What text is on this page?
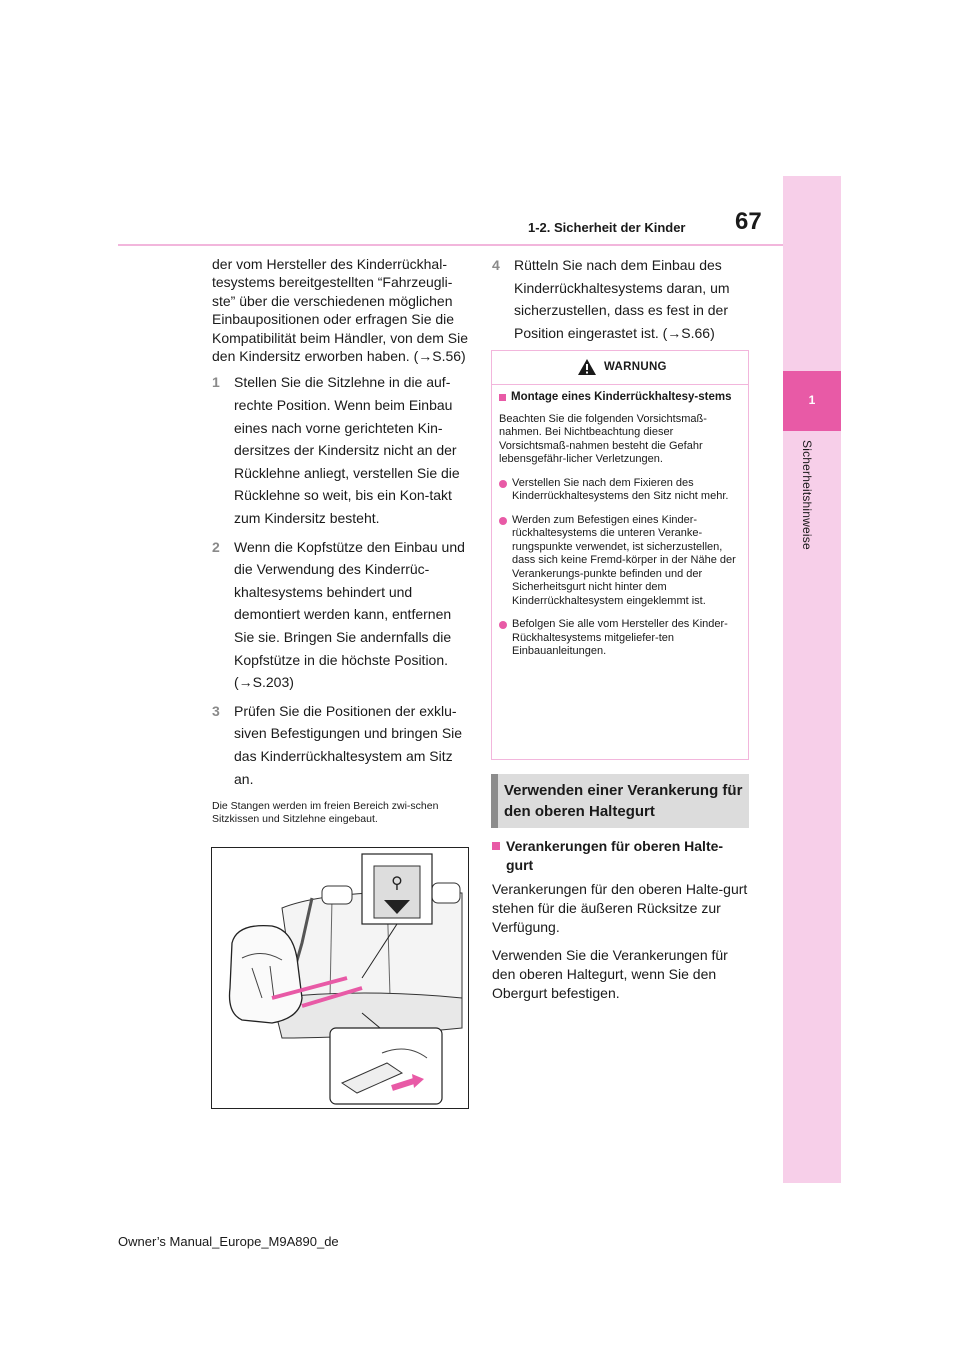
1-2. Sicherheit der Kinder 67
1
Sicherheitshinweise

der vom Hersteller des Kinderrückhal-tesystems bereitgestellten “Fahrzeugli-ste” über die verschiedenen möglichen Einbaupositionen oder erfragen Sie die Kompatibilität beim Händler, von dem Sie den Kindersitz erworben haben. (→S.56)

1	Stellen Sie die Sitzlehne in die auf-rechte Position. Wenn beim Einbau eines nach vorne gerichteten Kin-dersitzes der Kindersitz nicht an der Rücklehne anliegt, verstellen Sie die Rücklehne so weit, bis ein Kon-takt zum Kindersitz besteht.
2	Wenn die Kopfstütze den Einbau und die Verwendung des Kinderrüc-khaltesystems behindert und demontiert werden kann, entfernen Sie sie. Bringen Sie andernfalls die Kopfstütze in die höchste Position. (→S.203)
3	Prüfen Sie die Positionen der exklu-siven Befestigungen und bringen Sie das Kinderrückhaltesystem am Sitz an.
Die Stangen werden im freien Bereich zwi-schen Sitzkissen und Sitzlehne eingebaut.
⚲
4	Rütteln Sie nach dem Einbau des Kinderrückhaltesystems daran, um sicherzustellen, dass es fest in der Position eingerastet ist. (→S.66)
WARNUNG
Montage eines Kinderrückhaltesy-stems
Beachten Sie die folgenden Vorsichtsmaß-nahmen. Bei Nichtbeachtung dieser Vorsichtsmaß-nahmen besteht die Gefahr lebensgefähr-licher Verletzungen.
Verstellen Sie nach dem Fixieren des Kinderrückhaltesystems den Sitz nicht mehr.
Werden zum Befestigen eines Kinder-rückhaltesystems die unteren Veranke-rungspunkte verwendet, ist sicherzustellen, dass sich keine Fremd-körper in der Nähe der Verankerungs-punkte befinden und der Sicherheitsgurt nicht hinter dem Kinderrückhaltesystem eingeklemmt ist.
Befolgen Sie alle vom Hersteller des Kinder-Rückhaltesystems mitgeliefer-ten Einbauanleitungen.
Verwenden einer Verankerung für den oberen Haltegurt
Verankerungen für oberen Halte-gurt

Verankerungen für den oberen Halte-gurt stehen für die äußeren Rücksitze zur Verfügung.

Verwenden Sie die Verankerungen für den oberen Haltegurt, wenn Sie den Obergurt befestigen.

Owner’s Manual_Europe_M9A890_de
